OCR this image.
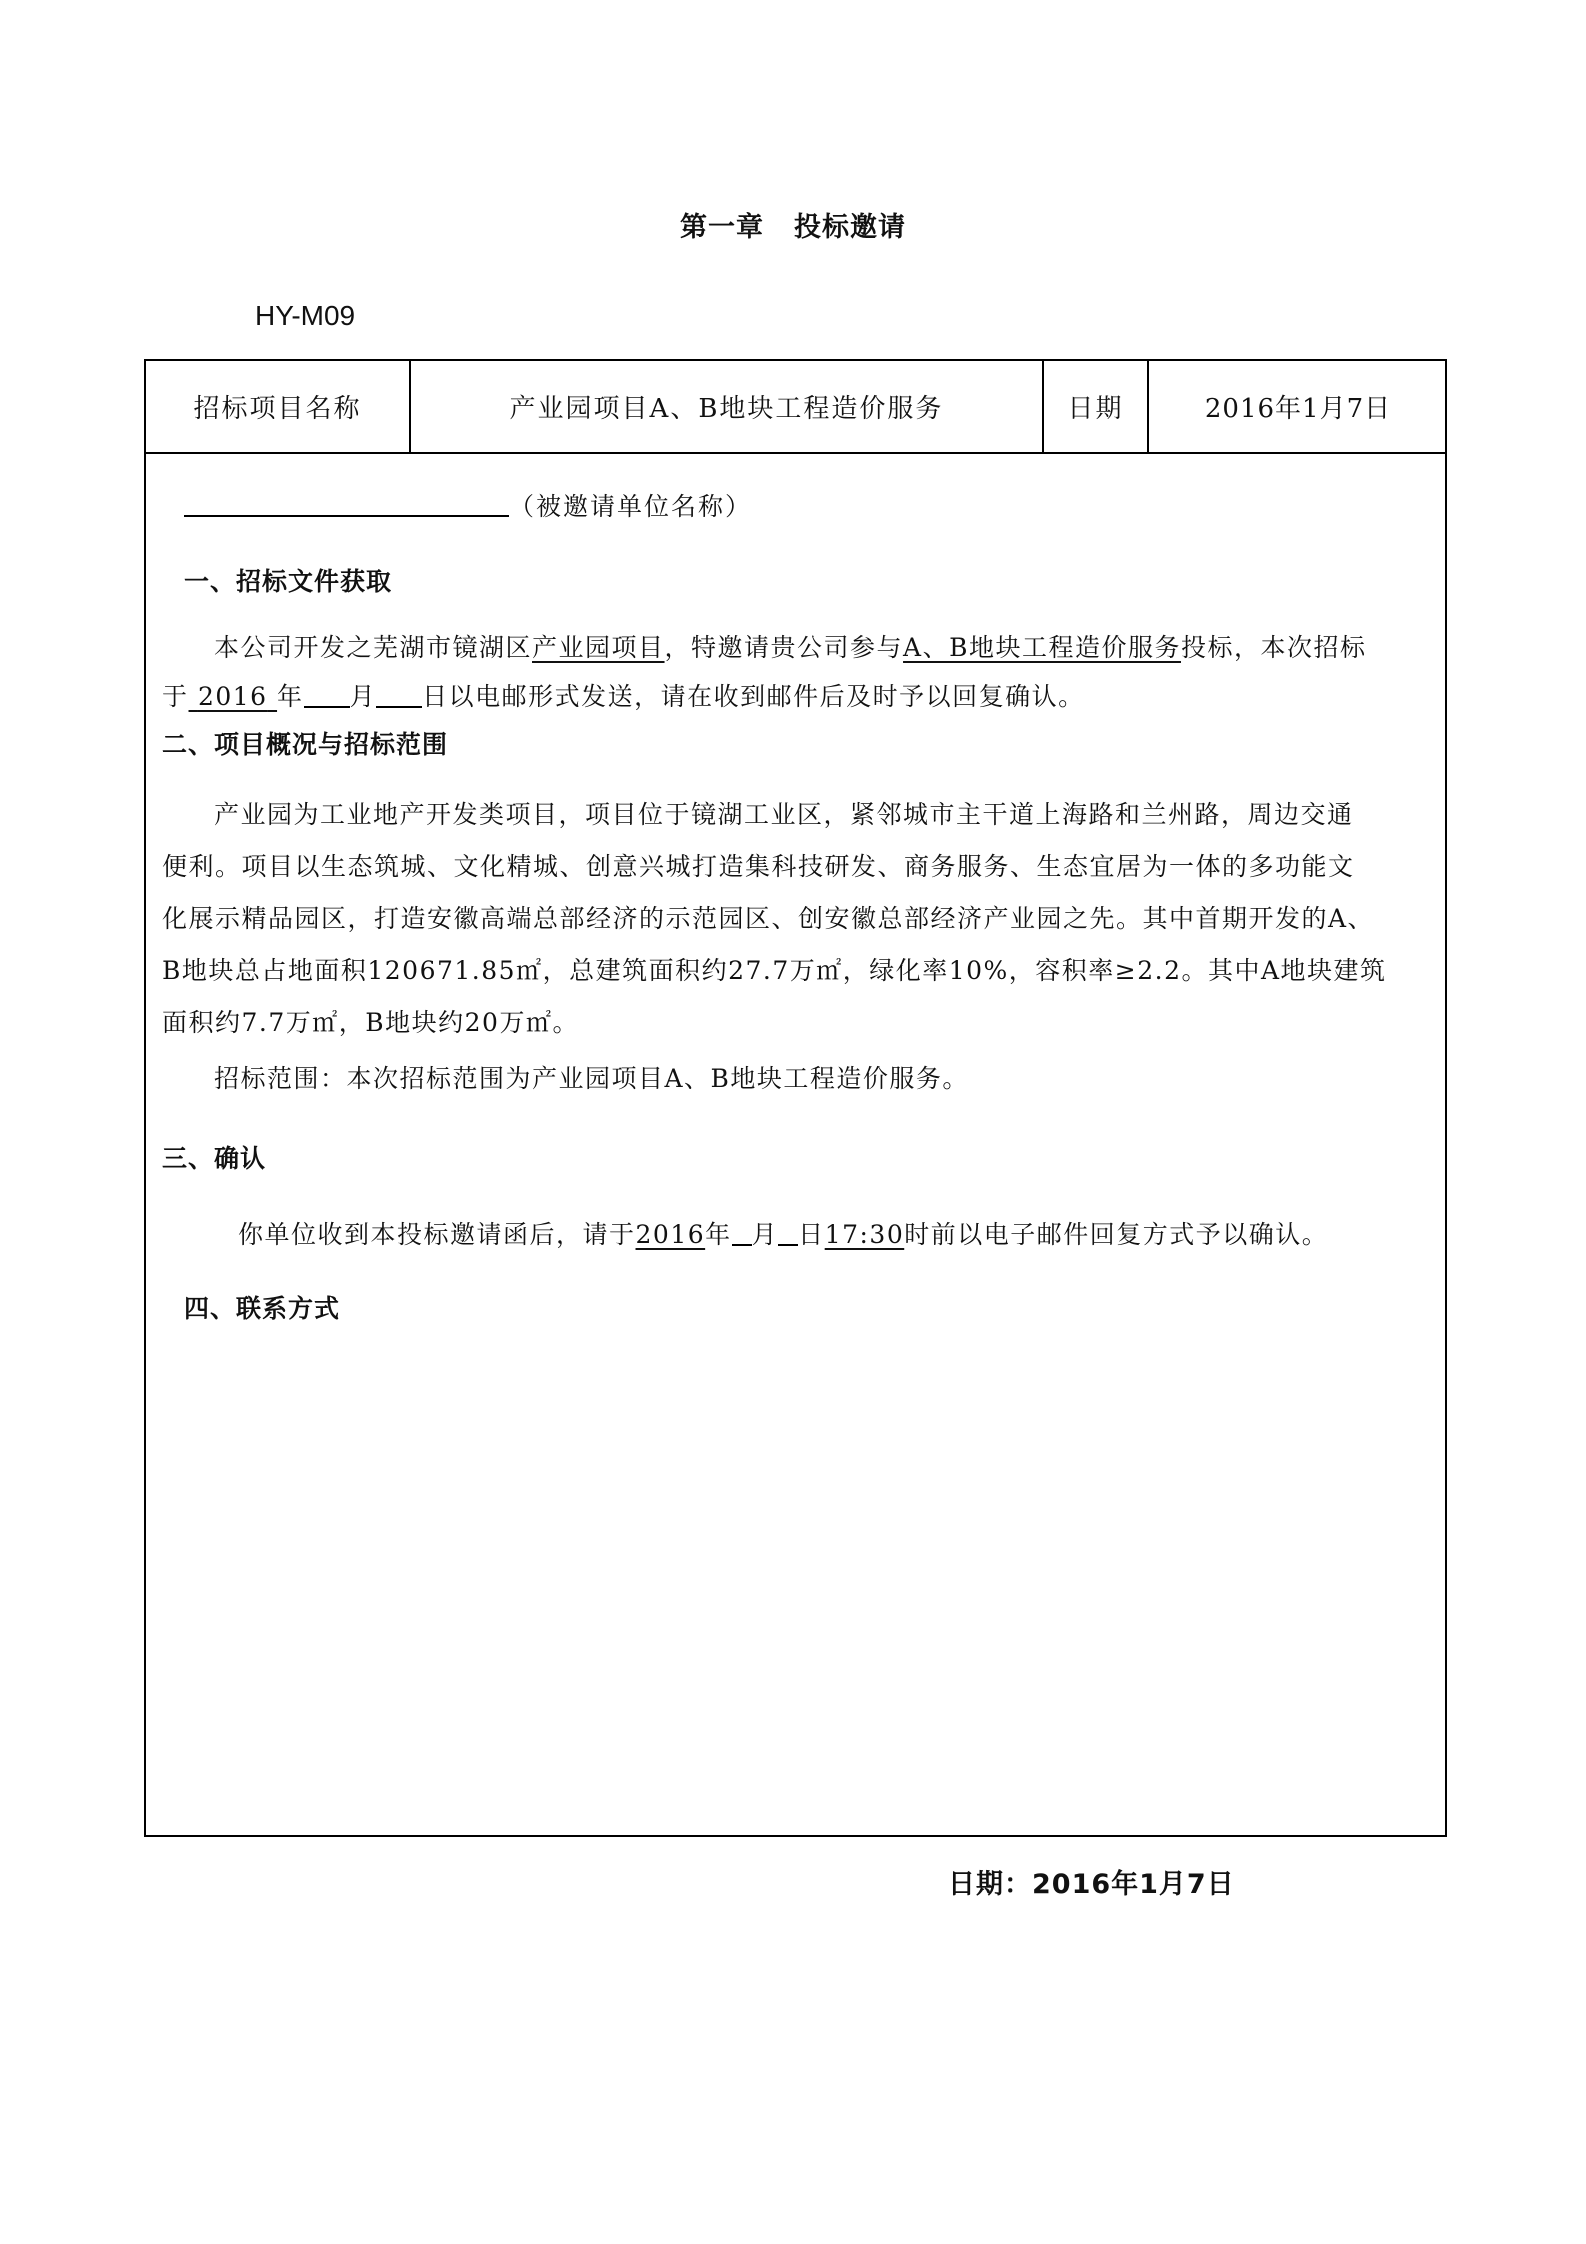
第一章 投标邀请
HY-M09
招标项目名称	产业园项目A、B地块工程造价服务	日期	2016年1月7日
（被邀请单位名称）
一、招标文件获取

本公司开发之芜湖市镜湖区产业园项目，特邀请贵公司参与A、B地块工程造价服务投标，本次招标

于 2016 年 月 日以电邮形式发送，请在收到邮件后及时予以回复确认。

二、项目概况与招标范围

产业园为工业地产开发类项目，项目位于镜湖工业区，紧邻城市主干道上海路和兰州路，周边交通

便利。项目以生态筑城、文化精城、创意兴城打造集科技研发、商务服务、生态宜居为一体的多功能文

化展示精品园区，打造安徽高端总部经济的示范园区、创安徽总部经济产业园之先。其中首期开发的A、

B地块总占地面积120671.85㎡，总建筑面积约27.7万㎡，绿化率10%，容积率≥2.2。其中A地块建筑

面积约7.7万㎡，B地块约20万㎡。

招标范围：本次招标范围为产业园项目A、B地块工程造价服务。
三、确认
你单位收到本投标邀请函后，请于2016年 月 日17:30时前以电子邮件回复方式予以确认。
四、联系方式
日期：2016年1月7日
